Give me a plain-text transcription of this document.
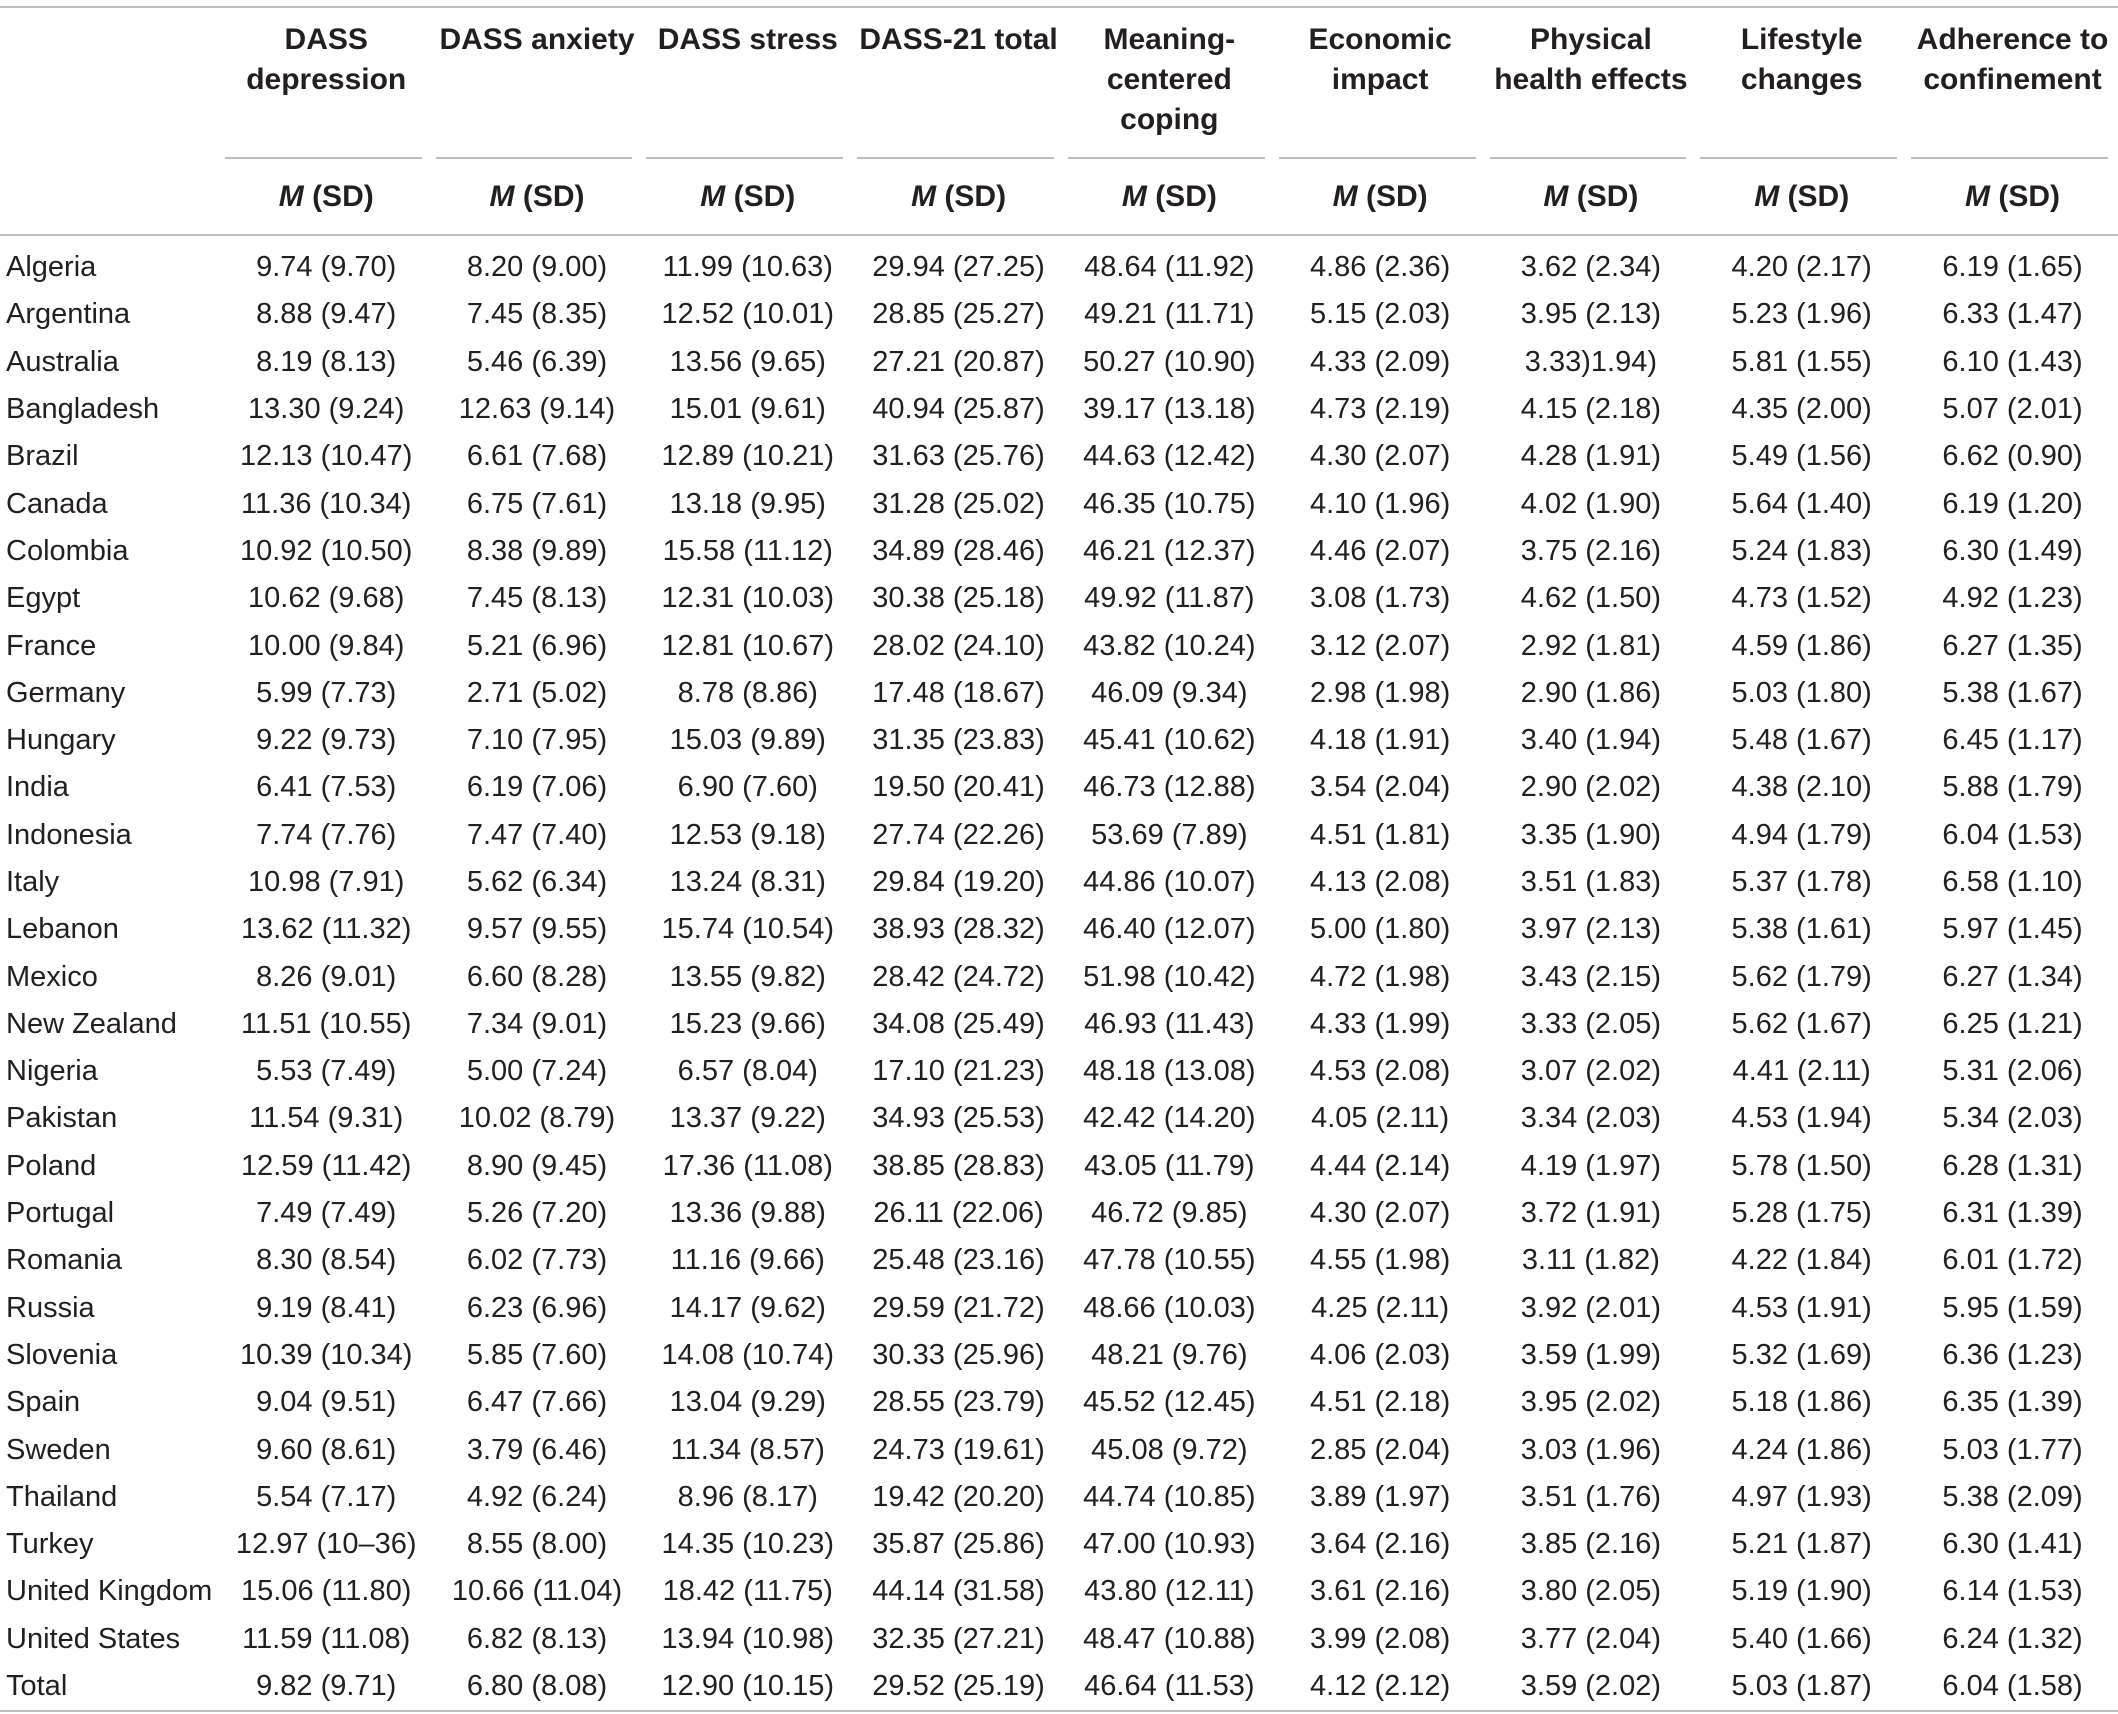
	DASS depression	DASS anxiety	DASS stress	DASS-21 total	Meaning-centered coping	Economic impact	Physical health effects	Lifestyle changes	Adherence to confinement

	M (SD)	M (SD)	M (SD)	M (SD)	M (SD)	M (SD)	M (SD)	M (SD)	M (SD)

Algeria	9.74 (9.70)	8.20 (9.00)	11.99 (10.63)	29.94 (27.25)	48.64 (11.92)	4.86 (2.36)	3.62 (2.34)	4.20 (2.17)	6.19 (1.65)
Argentina	8.88 (9.47)	7.45 (8.35)	12.52 (10.01)	28.85 (25.27)	49.21 (11.71)	5.15 (2.03)	3.95 (2.13)	5.23 (1.96)	6.33 (1.47)
Australia	8.19 (8.13)	5.46 (6.39)	13.56 (9.65)	27.21 (20.87)	50.27 (10.90)	4.33 (2.09)	3.33)1.94)	5.81 (1.55)	6.10 (1.43)
Bangladesh	13.30 (9.24)	12.63 (9.14)	15.01 (9.61)	40.94 (25.87)	39.17 (13.18)	4.73 (2.19)	4.15 (2.18)	4.35 (2.00)	5.07 (2.01)
Brazil	12.13 (10.47)	6.61 (7.68)	12.89 (10.21)	31.63 (25.76)	44.63 (12.42)	4.30 (2.07)	4.28 (1.91)	5.49 (1.56)	6.62 (0.90)
Canada	11.36 (10.34)	6.75 (7.61)	13.18 (9.95)	31.28 (25.02)	46.35 (10.75)	4.10 (1.96)	4.02 (1.90)	5.64 (1.40)	6.19 (1.20)
Colombia	10.92 (10.50)	8.38 (9.89)	15.58 (11.12)	34.89 (28.46)	46.21 (12.37)	4.46 (2.07)	3.75 (2.16)	5.24 (1.83)	6.30 (1.49)
Egypt	10.62 (9.68)	7.45 (8.13)	12.31 (10.03)	30.38 (25.18)	49.92 (11.87)	3.08 (1.73)	4.62 (1.50)	4.73 (1.52)	4.92 (1.23)
France	10.00 (9.84)	5.21 (6.96)	12.81 (10.67)	28.02 (24.10)	43.82 (10.24)	3.12 (2.07)	2.92 (1.81)	4.59 (1.86)	6.27 (1.35)
Germany	5.99 (7.73)	2.71 (5.02)	8.78 (8.86)	17.48 (18.67)	46.09 (9.34)	2.98 (1.98)	2.90 (1.86)	5.03 (1.80)	5.38 (1.67)
Hungary	9.22 (9.73)	7.10 (7.95)	15.03 (9.89)	31.35 (23.83)	45.41 (10.62)	4.18 (1.91)	3.40 (1.94)	5.48 (1.67)	6.45 (1.17)
India	6.41 (7.53)	6.19 (7.06)	6.90 (7.60)	19.50 (20.41)	46.73 (12.88)	3.54 (2.04)	2.90 (2.02)	4.38 (2.10)	5.88 (1.79)
Indonesia	7.74 (7.76)	7.47 (7.40)	12.53 (9.18)	27.74 (22.26)	53.69 (7.89)	4.51 (1.81)	3.35 (1.90)	4.94 (1.79)	6.04 (1.53)
Italy	10.98 (7.91)	5.62 (6.34)	13.24 (8.31)	29.84 (19.20)	44.86 (10.07)	4.13 (2.08)	3.51 (1.83)	5.37 (1.78)	6.58 (1.10)
Lebanon	13.62 (11.32)	9.57 (9.55)	15.74 (10.54)	38.93 (28.32)	46.40 (12.07)	5.00 (1.80)	3.97 (2.13)	5.38 (1.61)	5.97 (1.45)
Mexico	8.26 (9.01)	6.60 (8.28)	13.55 (9.82)	28.42 (24.72)	51.98 (10.42)	4.72 (1.98)	3.43 (2.15)	5.62 (1.79)	6.27 (1.34)
New Zealand	11.51 (10.55)	7.34 (9.01)	15.23 (9.66)	34.08 (25.49)	46.93 (11.43)	4.33 (1.99)	3.33 (2.05)	5.62 (1.67)	6.25 (1.21)
Nigeria	5.53 (7.49)	5.00 (7.24)	6.57 (8.04)	17.10 (21.23)	48.18 (13.08)	4.53 (2.08)	3.07 (2.02)	4.41 (2.11)	5.31 (2.06)
Pakistan	11.54 (9.31)	10.02 (8.79)	13.37 (9.22)	34.93 (25.53)	42.42 (14.20)	4.05 (2.11)	3.34 (2.03)	4.53 (1.94)	5.34 (2.03)
Poland	12.59 (11.42)	8.90 (9.45)	17.36 (11.08)	38.85 (28.83)	43.05 (11.79)	4.44 (2.14)	4.19 (1.97)	5.78 (1.50)	6.28 (1.31)
Portugal	7.49 (7.49)	5.26 (7.20)	13.36 (9.88)	26.11 (22.06)	46.72 (9.85)	4.30 (2.07)	3.72 (1.91)	5.28 (1.75)	6.31 (1.39)
Romania	8.30 (8.54)	6.02 (7.73)	11.16 (9.66)	25.48 (23.16)	47.78 (10.55)	4.55 (1.98)	3.11 (1.82)	4.22 (1.84)	6.01 (1.72)
Russia	9.19 (8.41)	6.23 (6.96)	14.17 (9.62)	29.59 (21.72)	48.66 (10.03)	4.25 (2.11)	3.92 (2.01)	4.53 (1.91)	5.95 (1.59)
Slovenia	10.39 (10.34)	5.85 (7.60)	14.08 (10.74)	30.33 (25.96)	48.21 (9.76)	4.06 (2.03)	3.59 (1.99)	5.32 (1.69)	6.36 (1.23)
Spain	9.04 (9.51)	6.47 (7.66)	13.04 (9.29)	28.55 (23.79)	45.52 (12.45)	4.51 (2.18)	3.95 (2.02)	5.18 (1.86)	6.35 (1.39)
Sweden	9.60 (8.61)	3.79 (6.46)	11.34 (8.57)	24.73 (19.61)	45.08 (9.72)	2.85 (2.04)	3.03 (1.96)	4.24 (1.86)	5.03 (1.77)
Thailand	5.54 (7.17)	4.92 (6.24)	8.96 (8.17)	19.42 (20.20)	44.74 (10.85)	3.89 (1.97)	3.51 (1.76)	4.97 (1.93)	5.38 (2.09)
Turkey	12.97 (10–36)	8.55 (8.00)	14.35 (10.23)	35.87 (25.86)	47.00 (10.93)	3.64 (2.16)	3.85 (2.16)	5.21 (1.87)	6.30 (1.41)
United Kingdom	15.06 (11.80)	10.66 (11.04)	18.42 (11.75)	44.14 (31.58)	43.80 (12.11)	3.61 (2.16)	3.80 (2.05)	5.19 (1.90)	6.14 (1.53)
United States	11.59 (11.08)	6.82 (8.13)	13.94 (10.98)	32.35 (27.21)	48.47 (10.88)	3.99 (2.08)	3.77 (2.04)	5.40 (1.66)	6.24 (1.32)
Total	9.82 (9.71)	6.80 (8.08)	12.90 (10.15)	29.52 (25.19)	46.64 (11.53)	4.12 (2.12)	3.59 (2.02)	5.03 (1.87)	6.04 (1.58)
